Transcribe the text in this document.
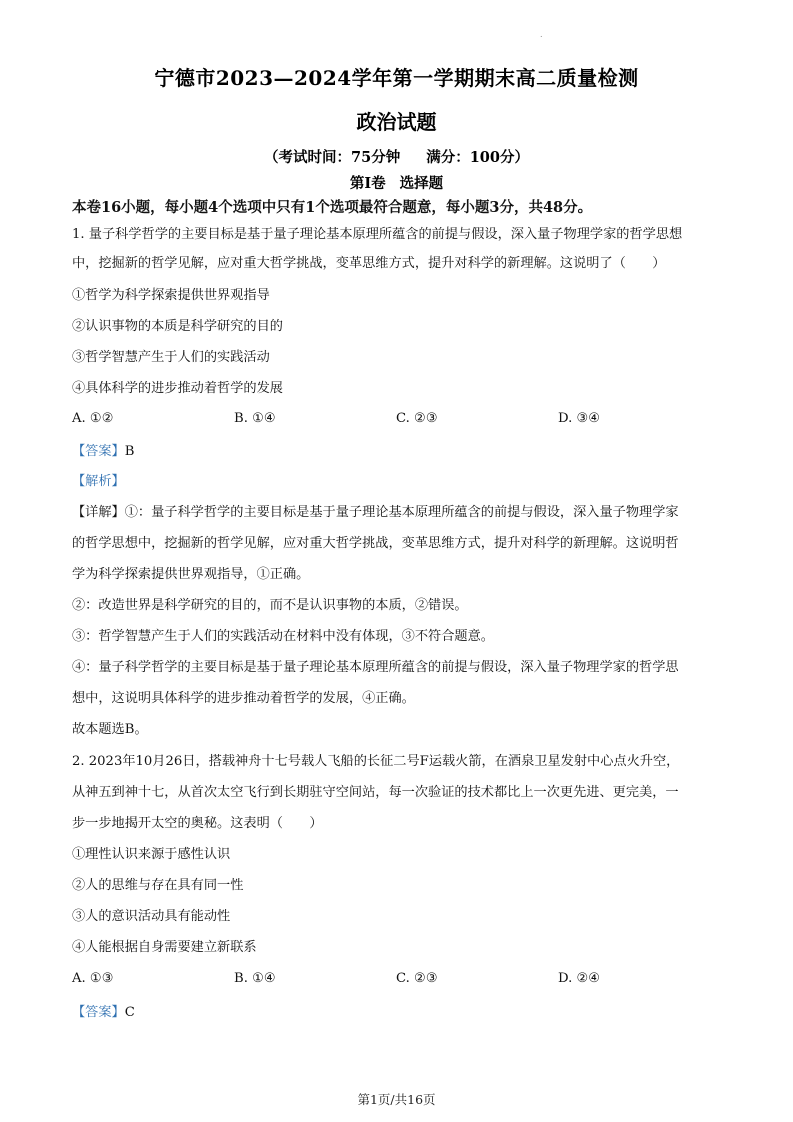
.
宁德市2023—2024学年第一学期期末高二质量检测
政治试题
（考试时间：75分钟 满分：100分）
第Ⅰ卷 选择题
本卷16小题，每小题4个选项中只有1个选项最符合题意，每小题3分，共48分。
1. 量子科学哲学的主要目标是基于量子理论基本原理所蕴含的前提与假设，深入量子物理学家的哲学思想
中，挖掘新的哲学见解，应对重大哲学挑战，变革思维方式，提升对科学的新理解。这说明了（　　）
①哲学为科学探索提供世界观指导
②认识事物的本质是科学研究的目的
③哲学智慧产生于人们的实践活动
④具体科学的进步推动着哲学的发展
A. ①②	B. ①④	C. ②③	D. ③④
【答案】B
【解析】
【详解】①：量子科学哲学的主要目标是基于量子理论基本原理所蕴含的前提与假设，深入量子物理学家
的哲学思想中，挖掘新的哲学见解，应对重大哲学挑战，变革思维方式，提升对科学的新理解。这说明哲
学为科学探索提供世界观指导，①正确。
②：改造世界是科学研究的目的，而不是认识事物的本质，②错误。
③：哲学智慧产生于人们的实践活动在材料中没有体现，③不符合题意。
④：量子科学哲学的主要目标是基于量子理论基本原理所蕴含的前提与假设，深入量子物理学家的哲学思
想中，这说明具体科学的进步推动着哲学的发展，④正确。
故本题选B。
2. 2023年10月26日，搭载神舟十七号载人飞船的长征二号F运载火箭，在酒泉卫星发射中心点火升空，
从神五到神十七，从首次太空飞行到长期驻守空间站，每一次验证的技术都比上一次更先进、更完美，一
步一步地揭开太空的奥秘。这表明（　　）
①理性认识来源于感性认识
②人的思维与存在具有同一性
③人的意识活动具有能动性
④人能根据自身需要建立新联系
A. ①③	B. ①④	C. ②③	D. ②④
【答案】C
第1页/共16页
